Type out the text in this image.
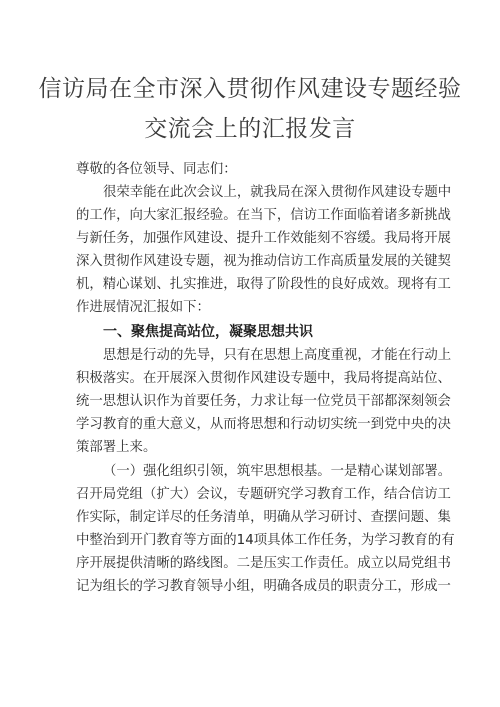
信访局在全市深入贯彻作风建设专题经验
交流会上的汇报发言
尊敬的各位领导、同志们：
很荣幸能在此次会议上，就我局在深入贯彻作风建设专题中
的工作，向大家汇报经验。在当下，信访工作面临着诸多新挑战
与新任务，加强作风建设、提升工作效能刻不容缓。我局将开展
深入贯彻作风建设专题，视为推动信访工作高质量发展的关键契
机，精心谋划、扎实推进，取得了阶段性的良好成效。现将有工
作进展情况汇报如下：
一、聚焦提高站位，凝聚思想共识
思想是行动的先导，只有在思想上高度重视，才能在行动上
积极落实。在开展深入贯彻作风建设专题中，我局将提高站位、
统一思想认识作为首要任务，力求让每一位党员干部都深刻领会
学习教育的重大意义，从而将思想和行动切实统一到党中央的决
策部署上来。
（一）强化组织引领，筑牢思想根基。一是精心谋划部署。
召开局党组（扩大）会议，专题研究学习教育工作，结合信访工
作实际，制定详尽的任务清单，明确从学习研讨、查摆问题、集
中整治到开门教育等方面的14项具体工作任务，为学习教育的有
序开展提供清晰的路线图。二是压实工作责任。成立以局党组书
记为组长的学习教育领导小组，明确各成员的职责分工，形成一
